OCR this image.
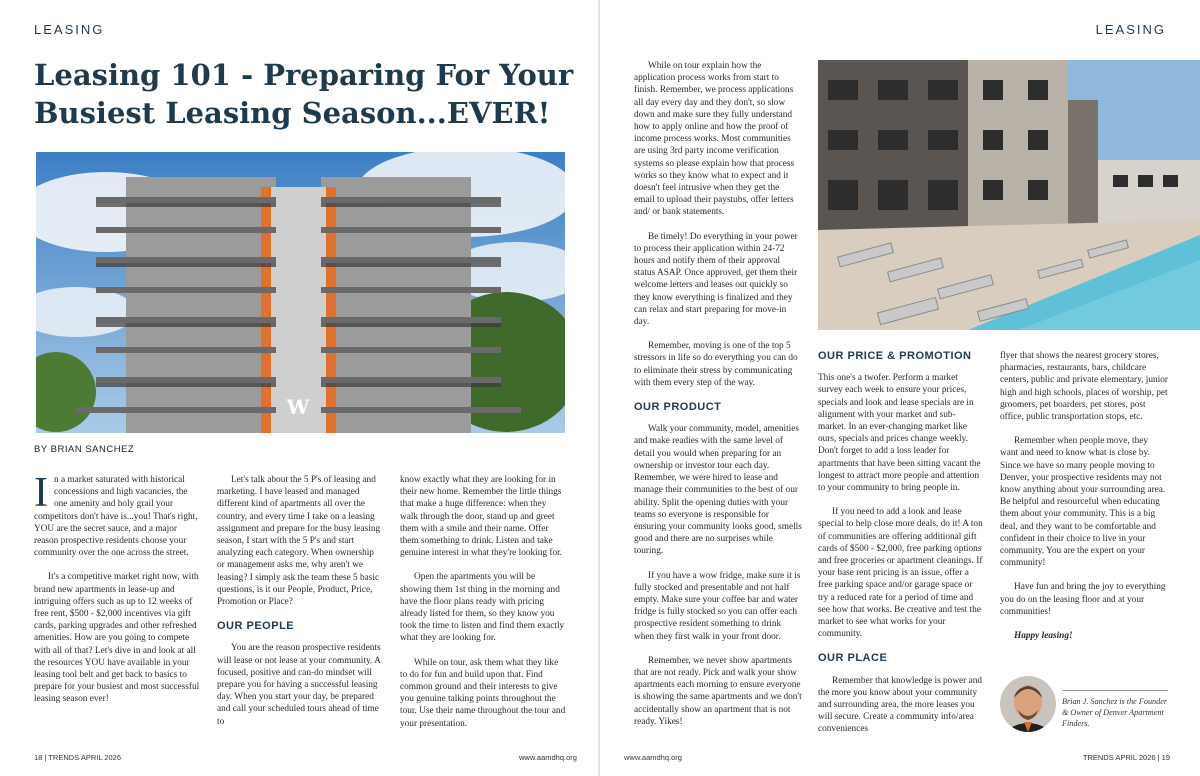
LEASING
Leasing 101 - Preparing For Your Busiest Leasing Season...EVER!
W
BY BRIAN SANCHEZ

In a market saturated with historical concessions and high vacancies, the one amenity and holy grail your competitors don't have is...you! That's right, YOU are the secret sauce, and a major reason prospective residents choose your community over the one across the street.

It's a competitive market right now, with brand new apartments in lease-up and intriguing offers such as up to 12 weeks of free rent, $500 - $2,000 incentives via gift cards, parking upgrades and other refreshed amenities. How are you going to compete with all of that? Let's dive in and look at all the resources YOU have available in your leasing tool belt and get back to basics to prepare for your busiest and most successful leasing season ever!

Let's talk about the 5 P's of leasing and marketing. I have leased and managed different kind of apartments all over the country, and every time I take on a leasing assignment and prepare for the busy leasing season, I start with the 5 P's and start analyzing each category. When ownership or management asks me, why aren't we leasing? I simply ask the team these 5 basic questions, is it our People, Product, Price, Promotion or Place?

OUR PEOPLE

You are the reason prospective residents will lease or not lease at your community. A focused, positive and can-do mindset will prepare you for having a successful leasing day. When you start your day, be prepared and call your scheduled tours ahead of time to

know exactly what they are looking for in their new home. Remember the little things that make a huge difference: when they walk through the door, stand up and greet them with a smile and their name. Offer them something to drink. Listen and take genuine interest in what they're looking for.

Open the apartments you will be showing them 1st thing in the morning and have the floor plans ready with pricing already listed for them, so they know you took the time to listen and find them exactly what they are looking for.

While on tour, ask them what they like to do for fun and build upon that. Find common ground and their interests to give you genuine talking points throughout the tour. Use their name throughout the tour and your presentation.

18 | TRENDS APRIL 2026	www.aamdhq.org
LEASING

While on tour explain how the application process works from start to finish. Remember, we process applications all day every day and they don't, so slow down and make sure they fully understand how to apply online and how the proof of income process works. Most communities are using 3rd party income verification systems so please explain how that process works so they know what to expect and it doesn't feel intrusive when they get the email to upload their paystubs, offer letters and/ or bank statements.

Be timely! Do everything in your power to process their application within 24-72 hours and notify them of their approval status ASAP. Once approved, get them their welcome letters and leases out quickly so they know everything is finalized and they can relax and start preparing for move-in day.

Remember, moving is one of the top 5 stressors in life so do everything you can do to eliminate their stress by communicating with them every step of the way.

OUR PRODUCT

Walk your community, model, amenities and make readies with the same level of detail you would when preparing for an ownership or investor tour each day. Remember, we were hired to lease and manage their communities to the best of our ability. Split the opening duties with your teams so everyone is responsible for ensuring your community looks good, smells good and there are no surprises while touring.

If you have a wow fridge, make sure it is fully stocked and presentable and not half empty. Make sure your coffee bar and water fridge is fully stocked so you can offer each prospective resident something to drink when they first walk in your front door.

Remember, we never show apartments that are not ready. Pick and walk your show apartments each morning to ensure everyone is showing the same apartments and we don't accidentally show an apartment that is not ready. Yikes!

OUR PRICE & PROMOTION

This one's a twofer. Perform a market survey each week to ensure your prices, specials and look and lease specials are in alignment with your market and sub-market. In an ever-changing market like ours, specials and prices change weekly. Don't forget to add a loss leader for apartments that have been sitting vacant the longest to attract more people and attention to your community to bring people in.

If you need to add a look and lease special to help close more deals, do it! A ton of communities are offering additional gift cards of $500 - $2,000, free parking options and free groceries or apartment cleanings. If your base rent pricing is an issue, offer a free parking space and/or garage space or try a reduced rate for a period of time and see how that works. Be creative and test the market to see what works for your community.

OUR PLACE

Remember that knowledge is power and the more you know about your community and surrounding area, the more leases you will secure. Create a community info/area conveniences

flyer that shows the nearest grocery stores, pharmacies, restaurants, bars, childcare centers, public and private elementary, junior high and high schools, places of worship, pet groomers, pet boarders, pet stores, post office, public transportation stops, etc.

Remember when people move, they want and need to know what is close by. Since we have so many people moving to Denver, your prospective residents may not know anything about your surrounding area. Be helpful and resourceful when educating them about your community. This is a big deal, and they want to be comfortable and confident in their choice to live in your community. You are the expert on your community!

Have fun and bring the joy to everything you do on the leasing floor and at your communities!

Happy leasing!

Brian J. Sanchez is the Founder & Owner of Denver Apartment Finders.
www.aamdhq.org	TRENDS APRIL 2026 | 19
